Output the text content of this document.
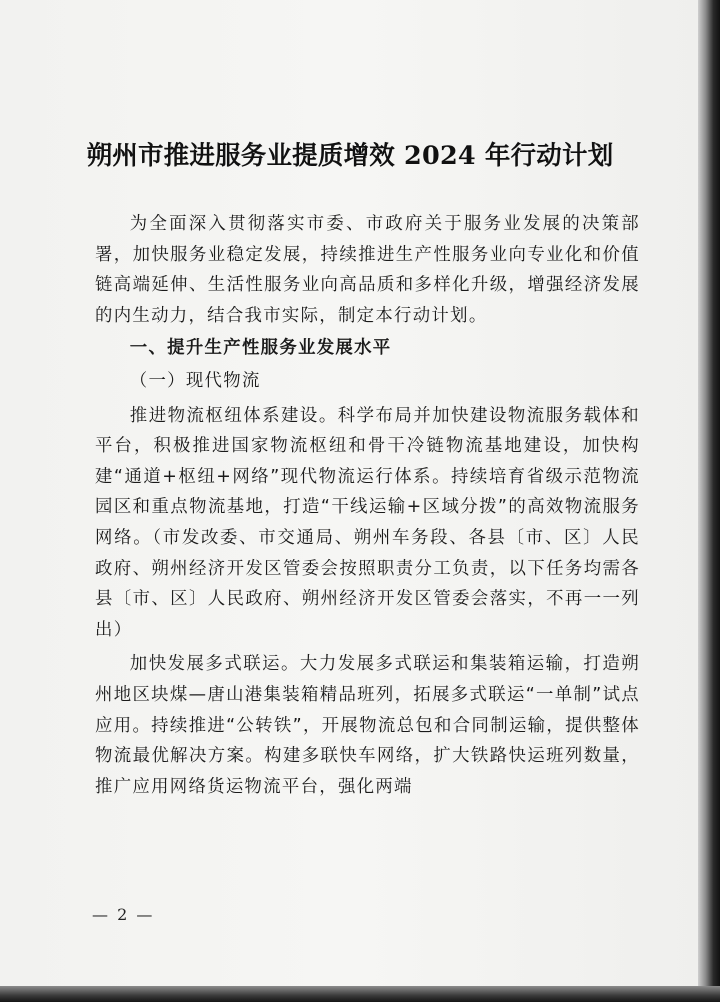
朔州市推进服务业提质增效 2024 年行动计划

为全面深入贯彻落实市委、市政府关于服务业发展的决策部署，加快服务业稳定发展，持续推进生产性服务业向专业化和价值链高端延伸、生活性服务业向高品质和多样化升级，增强经济发展的内生动力，结合我市实际，制定本行动计划。

一、提升生产性服务业发展水平

（一）现代物流

推进物流枢纽体系建设。科学布局并加快建设物流服务载体和平台，积极推进国家物流枢纽和骨干冷链物流基地建设，加快构建“通道+枢纽+网络”现代物流运行体系。持续培育省级示范物流园区和重点物流基地，打造“干线运输+区域分拨”的高效物流服务网络。（市发改委、市交通局、朔州车务段、各县〔市、区〕人民政府、朔州经济开发区管委会按照职责分工负责，以下任务均需各县〔市、区〕人民政府、朔州经济开发区管委会落实，不再一一列出）

加快发展多式联运。大力发展多式联运和集装箱运输，打造朔州地区块煤—唐山港集装箱精品班列，拓展多式联运“一单制”试点应用。持续推进“公转铁”，开展物流总包和合同制运输，提供整体物流最优解决方案。构建多联快车网络，扩大铁路快运班列数量，推广应用网络货运物流平台，强化两端

— 2 —
